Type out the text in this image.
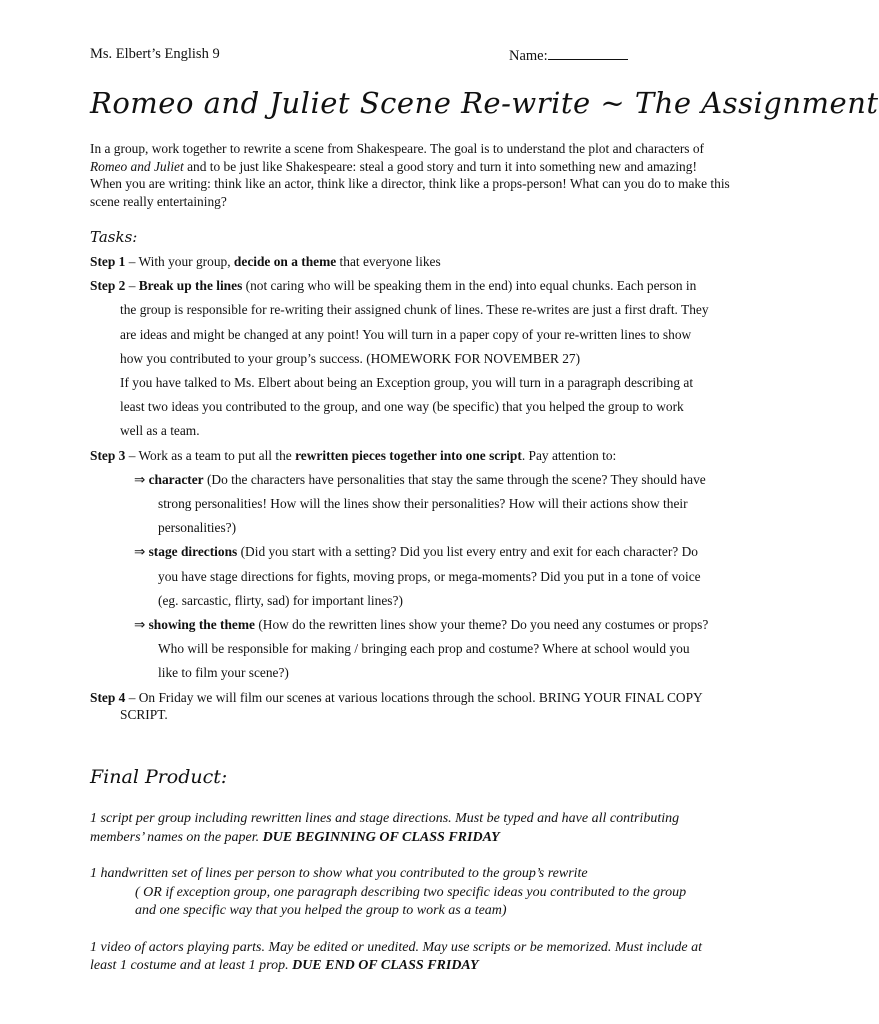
Ms. Elbert’s English 9	Name:
Romeo and Juliet Scene Re-write ~ The Assignment
In a group, work together to rewrite a scene from Shakespeare. The goal is to understand the plot and characters of Romeo and Juliet and to be just like Shakespeare: steal a good story and turn it into something new and amazing! When you are writing: think like an actor, think like a director, think like a props-person! What can you do to make this scene really entertaining?
Tasks:

Step 1 – With your group, decide on a theme that everyone likes

Step 2 – Break up the lines (not caring who will be speaking them in the end) into equal chunks. Each person in the group is responsible for re-writing their assigned chunk of lines. These re-writes are just a first draft. They are ideas and might be changed at any point! You will turn in a paper copy of your re-written lines to show how you contributed to your group’s success. (HOMEWORK FOR NOVEMBER 27)

If you have talked to Ms. Elbert about being an Exception group, you will turn in a paragraph describing at least two ideas you contributed to the group, and one way (be specific) that you helped the group to work well as a team.

Step 3 – Work as a team to put all the rewritten pieces together into one script. Pay attention to:

⇒ character (Do the characters have personalities that stay the same through the scene? They should have strong personalities! How will the lines show their personalities? How will their actions show their personalities?)

⇒ stage directions (Did you start with a setting? Did you list every entry and exit for each character? Do you have stage directions for fights, moving props, or mega-moments? Did you put in a tone of voice (eg. sarcastic, flirty, sad) for important lines?)

⇒ showing the theme (How do the rewritten lines show your theme? Do you need any costumes or props? Who will be responsible for making / bringing each prop and costume? Where at school would you like to film your scene?)

Step 4 – On Friday we will film our scenes at various locations through the school. BRING YOUR FINAL COPY SCRIPT.

Final Product:

1 script per group including rewritten lines and stage directions. Must be typed and have all contributing members’ names on the paper. DUE BEGINNING OF CLASS FRIDAY

1 handwritten set of lines per person to show what you contributed to the group’s rewrite
( OR if exception group, one paragraph describing two specific ideas you contributed to the group and one specific way that you helped the group to work as a team)

1 video of actors playing parts. May be edited or unedited. May use scripts or be memorized. Must include at least 1 costume and at least 1 prop. DUE END OF CLASS FRIDAY
